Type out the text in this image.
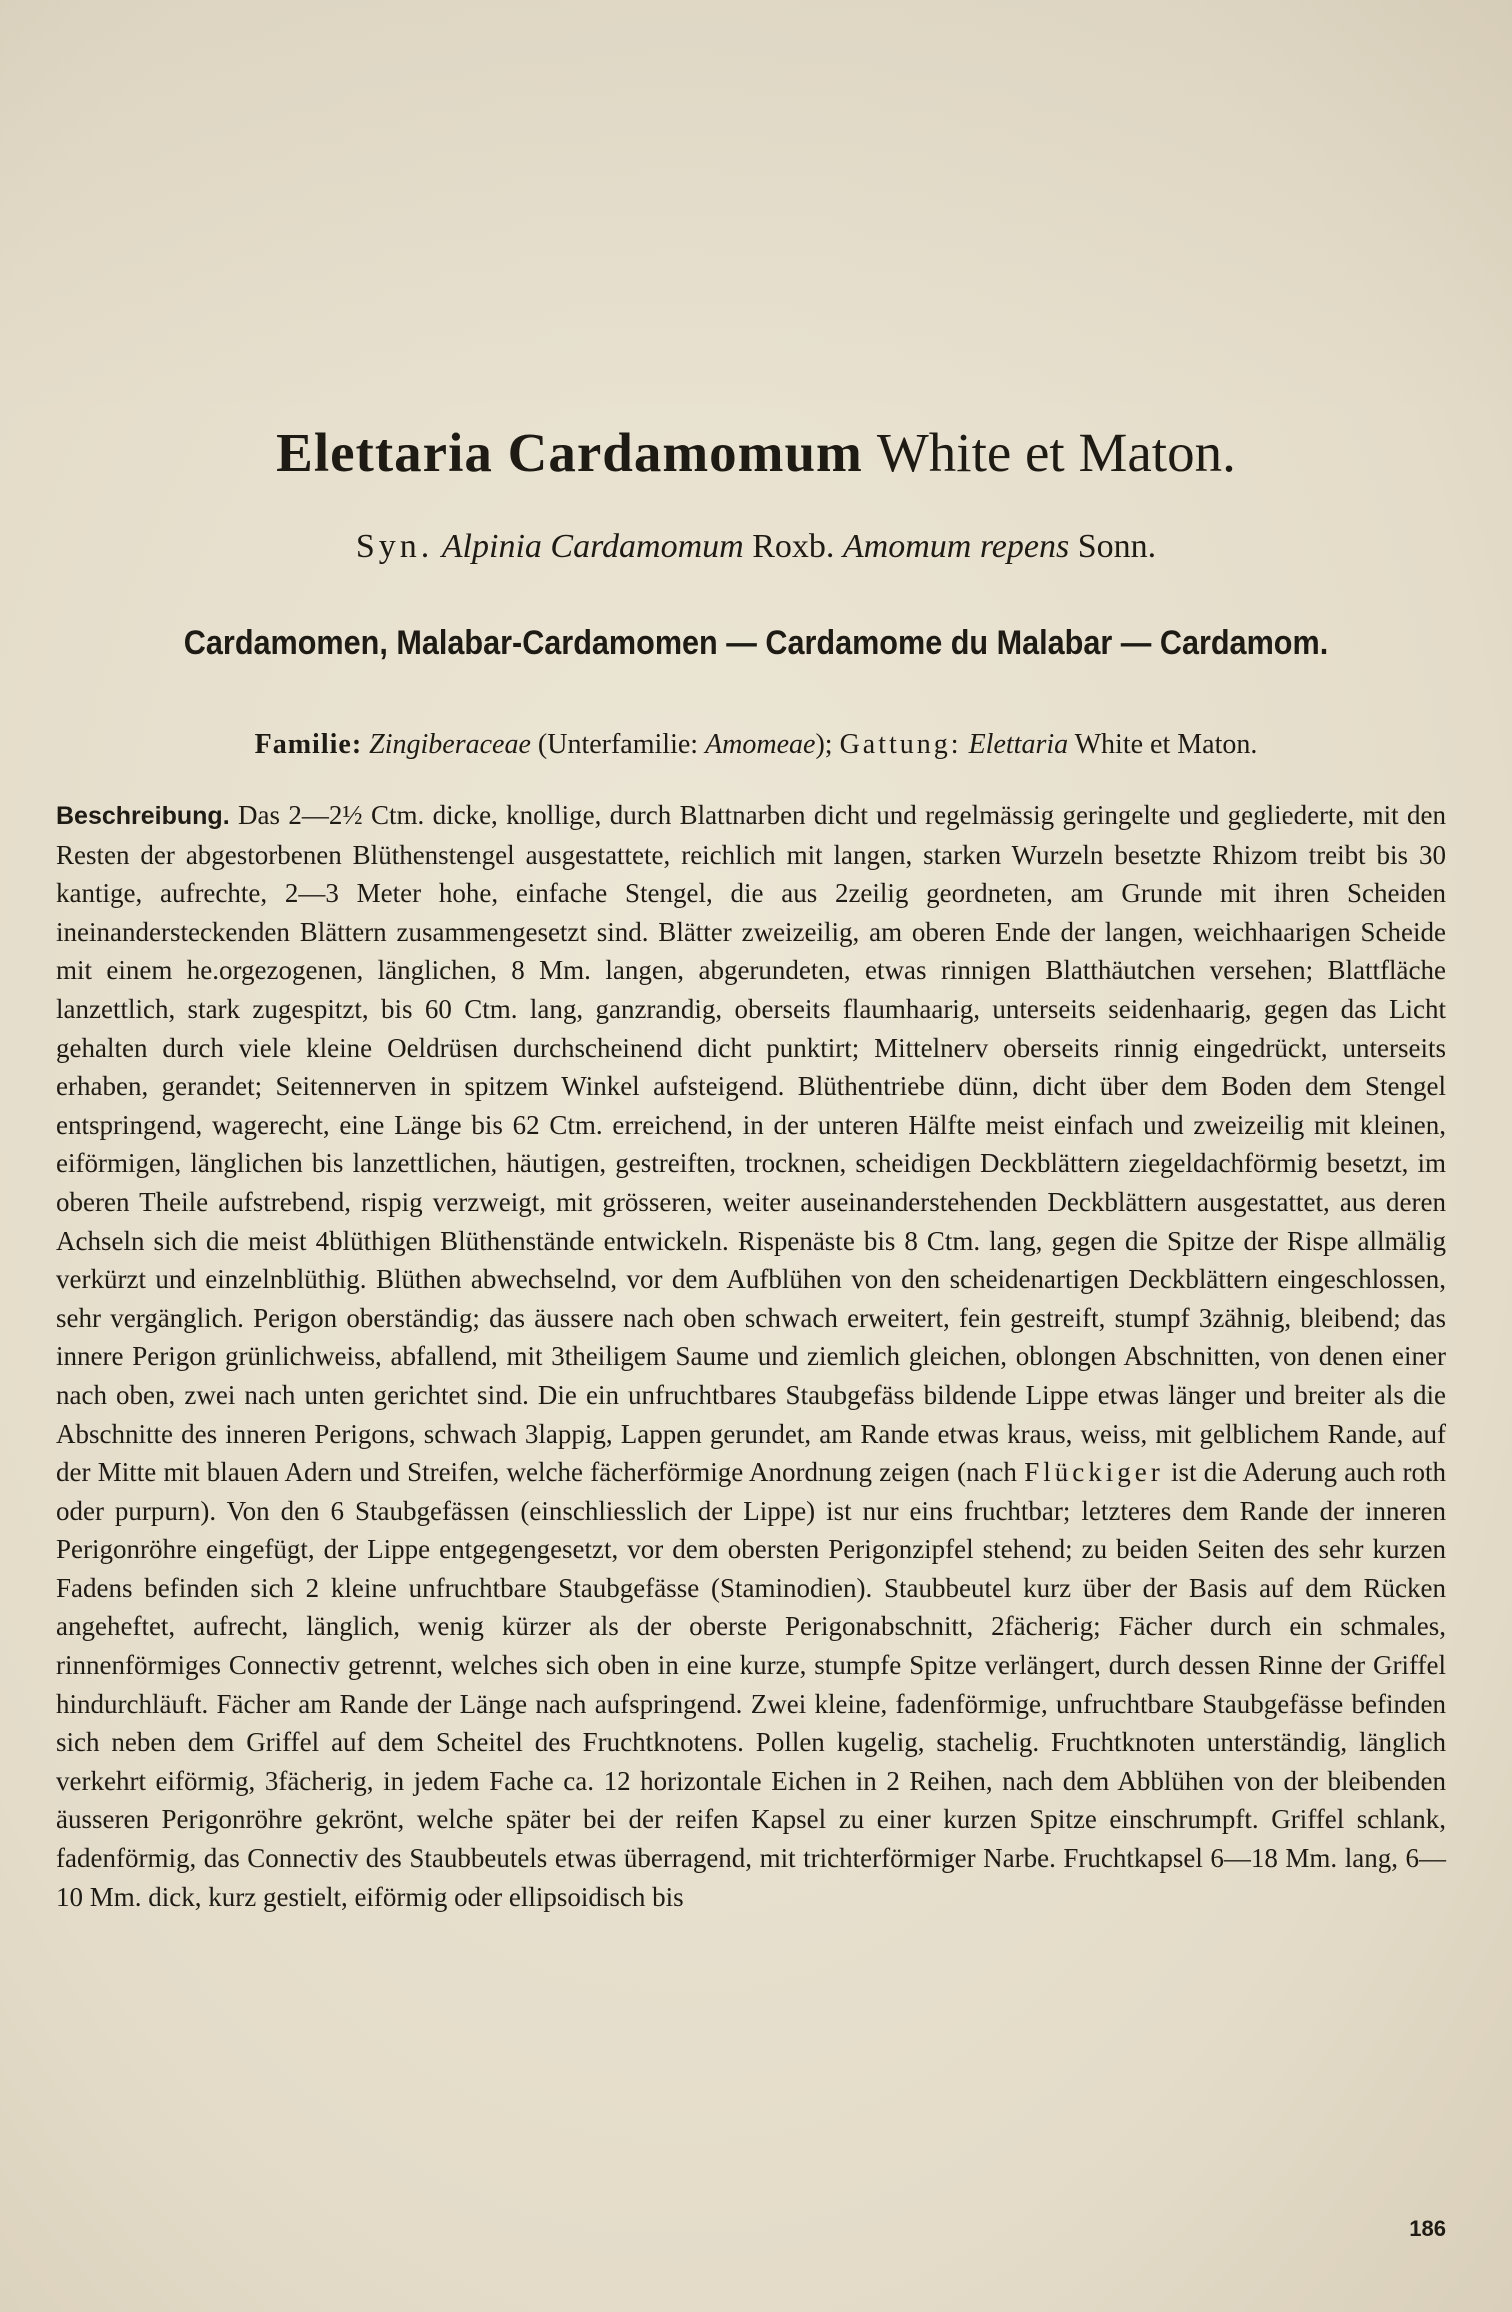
Elettaria Cardamomum White et Maton.
Syn. Alpinia Cardamomum Roxb. Amomum repens Sonn.
Cardamomen, Malabar-Cardamomen — Cardamome du Malabar — Cardamom.
Familie: Zingiberaceae (Unterfamilie: Amomeae); Gattung: Elettaria White et Maton.
Beschreibung. Das 2—2½ Ctm. dicke, knollige, durch Blattnarben dicht und regelmässig geringelte und gegliederte, mit den Resten der abgestorbenen Blüthenstengel ausgestattete, reichlich mit langen, starken Wurzeln besetzte Rhizom treibt bis 30 kantige, aufrechte, 2—3 Meter hohe, einfache Stengel, die aus 2zeilig geordneten, am Grunde mit ihren Scheiden ineinandersteckenden Blättern zusammengesetzt sind. Blätter zweizeilig, am oberen Ende der langen, weichhaarigen Scheide mit einem he.orgezogenen, länglichen, 8 Mm. langen, abgerundeten, etwas rinnigen Blatthäutchen versehen; Blattfläche lanzettlich, stark zugespitzt, bis 60 Ctm. lang, ganzrandig, oberseits flaumhaarig, unterseits seidenhaarig, gegen das Licht gehalten durch viele kleine Oeldrüsen durchscheinend dicht punktirt; Mittelnerv oberseits rinnig eingedrückt, unterseits erhaben, gerandet; Seitennerven in spitzem Winkel aufsteigend. Blüthentriebe dünn, dicht über dem Boden dem Stengel entspringend, wagerecht, eine Länge bis 62 Ctm. erreichend, in der unteren Hälfte meist einfach und zweizeilig mit kleinen, eiförmigen, länglichen bis lanzettlichen, häutigen, gestreiften, trocknen, scheidigen Deckblättern ziegeldachförmig besetzt, im oberen Theile aufstrebend, rispig verzweigt, mit grösseren, weiter auseinanderstehenden Deckblättern ausgestattet, aus deren Achseln sich die meist 4blüthigen Blüthenstände entwickeln. Rispenäste bis 8 Ctm. lang, gegen die Spitze der Rispe allmälig verkürzt und einzelnblüthig. Blüthen abwechselnd, vor dem Aufblühen von den scheidenartigen Deckblättern eingeschlossen, sehr vergänglich. Perigon oberständig; das äussere nach oben schwach erweitert, fein gestreift, stumpf 3zähnig, bleibend; das innere Perigon grünlichweiss, abfallend, mit 3theiligem Saume und ziemlich gleichen, oblongen Abschnitten, von denen einer nach oben, zwei nach unten gerichtet sind. Die ein unfruchtbares Staubgefäss bildende Lippe etwas länger und breiter als die Abschnitte des inneren Perigons, schwach 3lappig, Lappen gerundet, am Rande etwas kraus, weiss, mit gelblichem Rande, auf der Mitte mit blauen Adern und Streifen, welche fächerförmige Anordnung zeigen (nach Flückiger ist die Aderung auch roth oder purpurn). Von den 6 Staubgefässen (einschliesslich der Lippe) ist nur eins fruchtbar; letzteres dem Rande der inneren Perigonröhre eingefügt, der Lippe entgegengesetzt, vor dem obersten Perigonzipfel stehend; zu beiden Seiten des sehr kurzen Fadens befinden sich 2 kleine unfruchtbare Staubgefässe (Staminodien). Staubbeutel kurz über der Basis auf dem Rücken angeheftet, aufrecht, länglich, wenig kürzer als der oberste Perigonabschnitt, 2fächerig; Fächer durch ein schmales, rinnenförmiges Connectiv getrennt, welches sich oben in eine kurze, stumpfe Spitze verlängert, durch dessen Rinne der Griffel hindurchläuft. Fächer am Rande der Länge nach aufspringend. Zwei kleine, fadenförmige, unfruchtbare Staubgefässe befinden sich neben dem Griffel auf dem Scheitel des Fruchtknotens. Pollen kugelig, stachelig. Fruchtknoten unterständig, länglich verkehrt eiförmig, 3fächerig, in jedem Fache ca. 12 horizontale Eichen in 2 Reihen, nach dem Abblühen von der bleibenden äusseren Perigonröhre gekrönt, welche später bei der reifen Kapsel zu einer kurzen Spitze einschrumpft. Griffel schlank, fadenförmig, das Connectiv des Staubbeutels etwas überragend, mit trichterförmiger Narbe. Fruchtkapsel 6—18 Mm. lang, 6—10 Mm. dick, kurz gestielt, eiförmig oder ellipsoidisch bis
186
